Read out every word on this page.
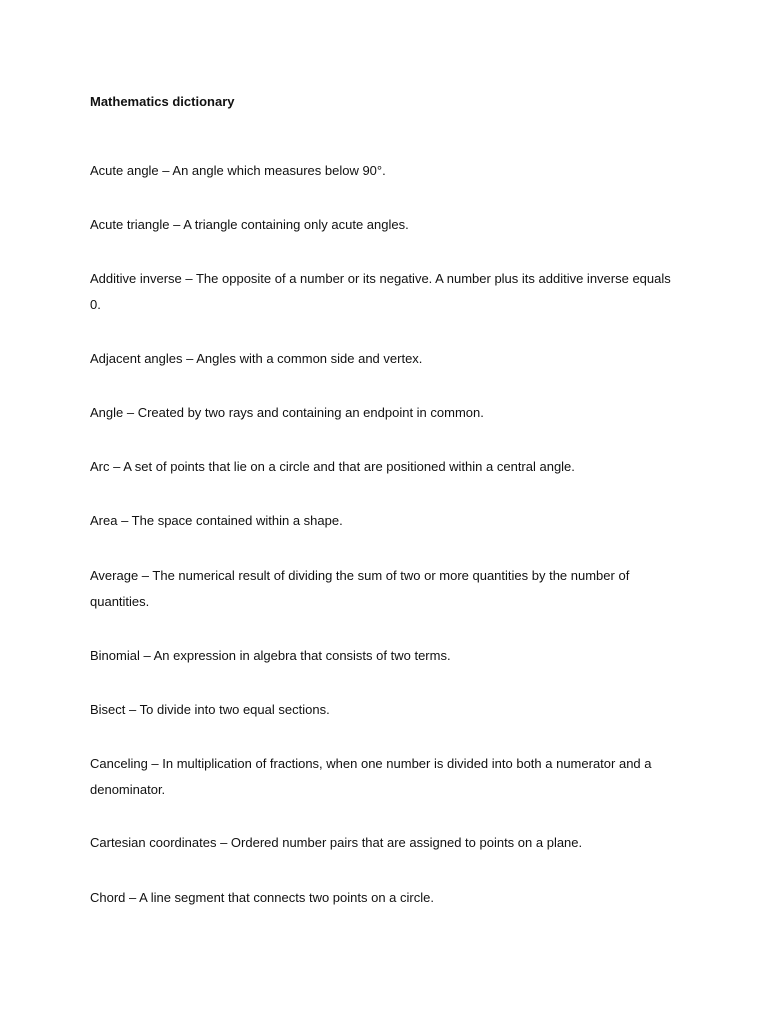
Mathematics dictionary
Acute angle – An angle which measures below 90°.
Acute triangle – A triangle containing only acute angles.
Additive inverse – The opposite of a number or its negative. A number plus its additive inverse equals 0.
Adjacent angles – Angles with a common side and vertex.
Angle – Created by two rays and containing an endpoint in common.
Arc – A set of points that lie on a circle and that are positioned within a central angle.
Area – The space contained within a shape.
Average – The numerical result of dividing the sum of two or more quantities by the number of quantities.
Binomial – An expression in algebra that consists of two terms.
Bisect – To divide into two equal sections.
Canceling – In multiplication of fractions, when one number is divided into both a numerator and a denominator.
Cartesian coordinates – Ordered number pairs that are assigned to points on a plane.
Chord – A line segment that connects two points on a circle.
